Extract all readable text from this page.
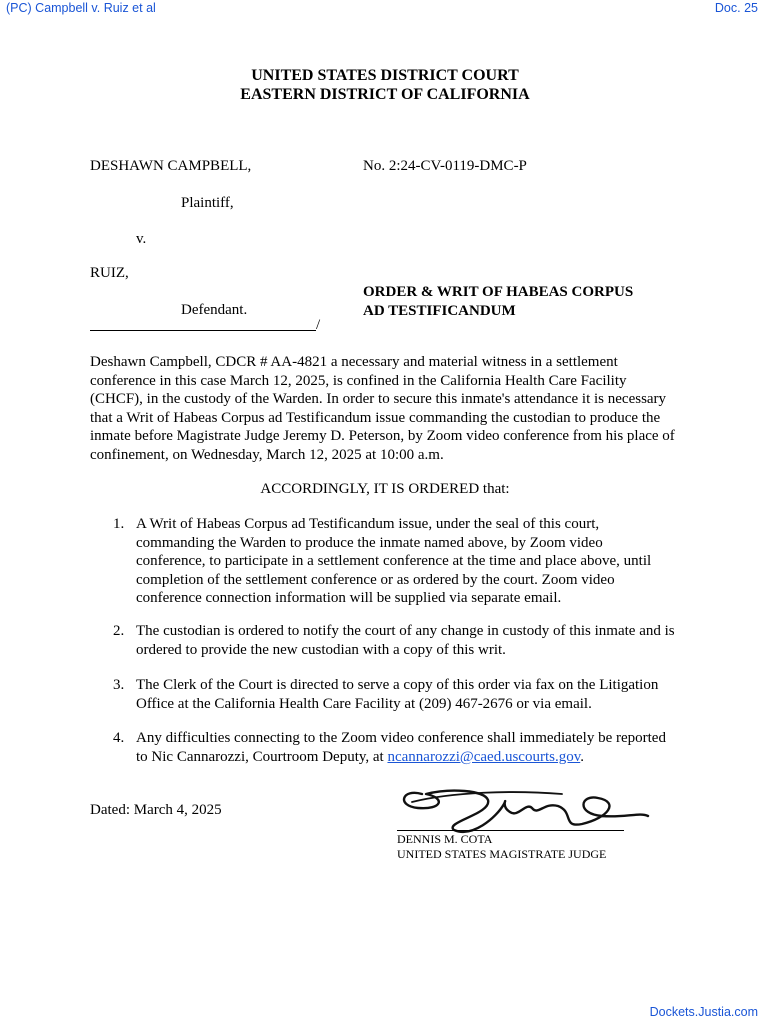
(PC) Campbell v. Ruiz et al	Doc. 25
UNITED STATES DISTRICT COURT
EASTERN DISTRICT OF CALIFORNIA
DESHAWN CAMPBELL,	No. 2:24-CV-0119-DMC-P
Plaintiff,
v.
RUIZ,
Defendant.
/
ORDER & WRIT OF HABEAS CORPUS
AD TESTIFICANDUM
Deshawn Campbell, CDCR # AA-4821 a necessary and material witness in a settlement
conference in this case March 12, 2025, is confined in the California Health Care Facility
(CHCF), in the custody of the Warden. In order to secure this inmate's attendance it is necessary
that a Writ of Habeas Corpus ad Testificandum issue commanding the custodian to produce the
inmate before Magistrate Judge Jeremy D. Peterson, by Zoom video conference from his place of
confinement, on Wednesday, March 12, 2025 at 10:00 a.m.
ACCORDINGLY, IT IS ORDERED that:
1. A Writ of Habeas Corpus ad Testificandum issue, under the seal of this court,
commanding the Warden to produce the inmate named above, by Zoom video
conference, to participate in a settlement conference at the time and place above, until
completion of the settlement conference or as ordered by the court. Zoom video
conference connection information will be supplied via separate email.
2. The custodian is ordered to notify the court of any change in custody of this inmate and is
ordered to provide the new custodian with a copy of this writ.
3. The Clerk of the Court is directed to serve a copy of this order via fax on the Litigation
Office at the California Health Care Facility at (209) 467-2676 or via email.
4. Any difficulties connecting to the Zoom video conference shall immediately be reported
to Nic Cannarozzi, Courtroom Deputy, at ncannarozzi@caed.uscourts.gov.
Dated: March 4, 2025
DENNIS M. COTA
UNITED STATES MAGISTRATE JUDGE
Dockets.Justia.com
